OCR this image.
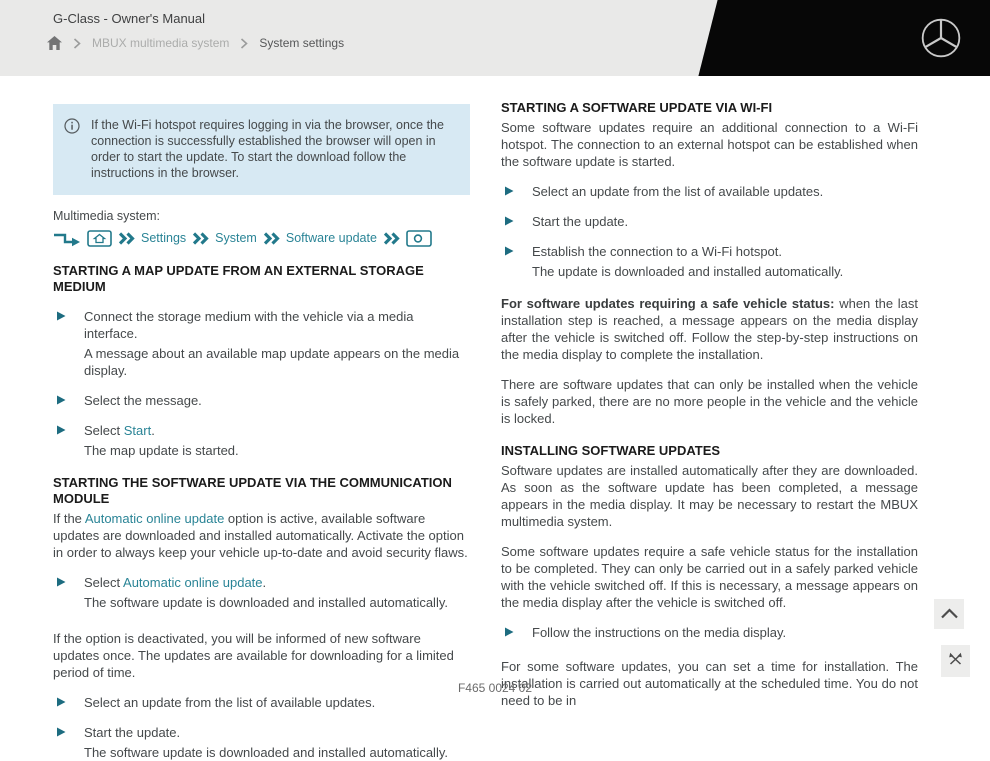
G-Class - Owner's Manual
MBUX multimedia system	System settings
If the Wi-Fi hotspot requires logging in via the browser, once the connection is successfully established the browser will open in order to start the update. To start the download follow the instructions in the browser.
Multimedia system:
Settings System Software update
STARTING A MAP UPDATE FROM AN EXTERNAL STORAGE MEDIUM
Connect the storage medium with the vehicle via a media interface.
A message about an available map update appears on the media display.
Select the message.
Select Start.
The map update is started.
STARTING THE SOFTWARE UPDATE VIA THE COMMUNICATION MODULE
If the Automatic online update option is active, available software updates are downloaded and installed automatically. Activate the option in order to always keep your vehicle up-to-date and avoid security flaws.
Select Automatic online update.
The software update is downloaded and installed automatically.
If the option is deactivated, you will be informed of new software updates once. The updates are available for downloading for a limited period of time.
Select an update from the list of available updates.
Start the update.
The software update is downloaded and installed automatically.
STARTING A SOFTWARE UPDATE VIA WI-FI
Some software updates require an additional connection to a Wi-Fi hotspot. The connection to an external hotspot can be established when the software update is started.
Select an update from the list of available updates.
Start the update.
Establish the connection to a Wi-Fi hotspot.
The update is downloaded and installed automatically.
For software updates requiring a safe vehicle status: when the last installation step is reached, a message appears on the media display after the vehicle is switched off. Follow the step-by-step instructions on the media display to complete the installation.
There are software updates that can only be installed when the vehicle is safely parked, there are no more people in the vehicle and the vehicle is locked.
INSTALLING SOFTWARE UPDATES
Software updates are installed automatically after they are downloaded. As soon as the software update has been completed, a message appears in the media display. It may be necessary to restart the MBUX multimedia system.
Some software updates require a safe vehicle status for the installation to be completed. They can only be carried out in a safely parked vehicle with the vehicle switched off. If this is necessary, a message appears on the media display after the vehicle is switched off.
Follow the instructions on the media display.
For some software updates, you can set a time for installation. The installation is carried out automatically at the scheduled time. You do not need to be in
F465 0024 02
